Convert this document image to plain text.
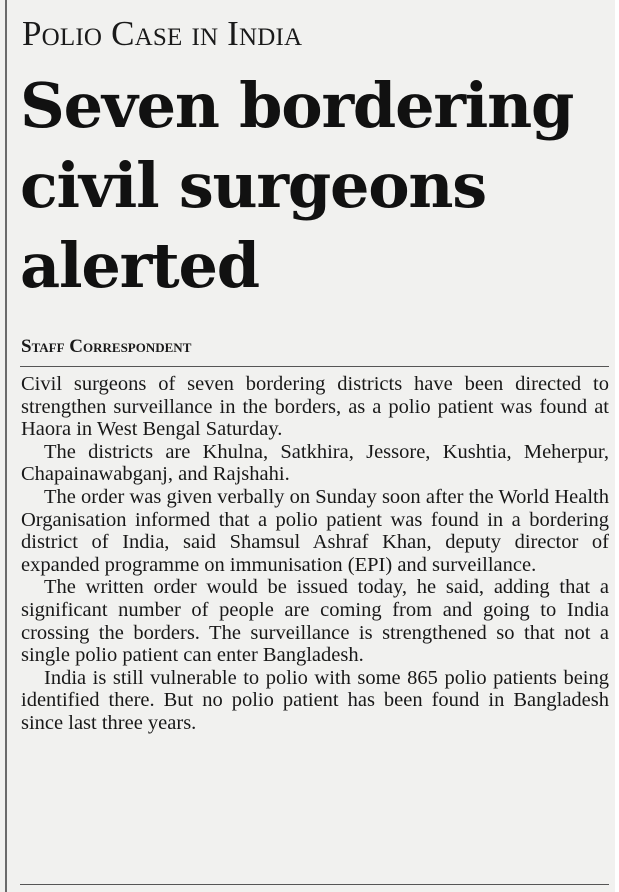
Polio Case in India
Seven bordering civil surgeons alerted
Staff Correspondent

Civil surgeons of seven bordering districts have been directed to strengthen surveillance in the borders, as a polio patient was found at Haora in West Bengal Saturday.

The districts are Khulna, Satkhira, Jessore, Kushtia, Meherpur, Chapainawabganj, and Rajshahi.

The order was given verbally on Sunday soon after the World Health Organisation informed that a polio patient was found in a bordering district of India, said Shamsul Ashraf Khan, deputy director of expanded programme on immunisation (EPI) and surveillance.

The written order would be issued today, he said, adding that a significant number of people are coming from and going to India crossing the borders. The surveillance is strengthened so that not a single polio patient can enter Bangladesh.

India is still vulnerable to polio with some 865 polio patients being identified there. But no polio patient has been found in Bangladesh since last three years.
